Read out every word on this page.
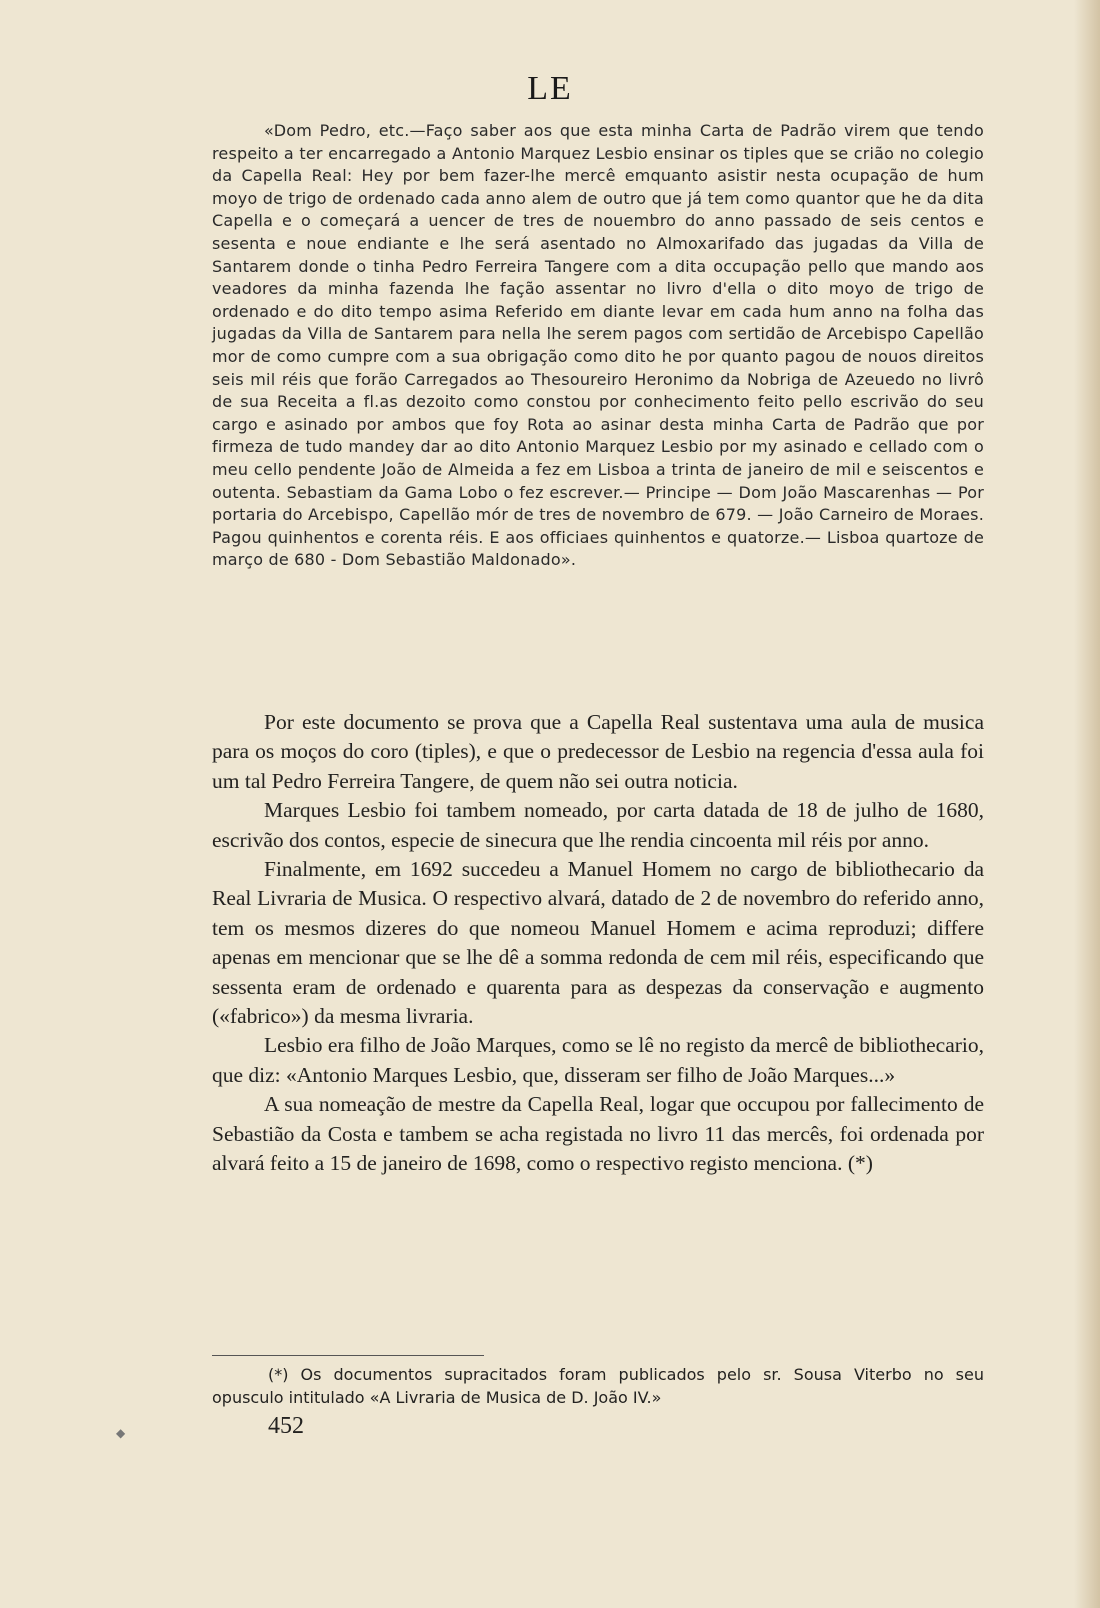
LE

«Dom Pedro, etc.—Faço saber aos que esta minha Carta de Padrão virem que tendo respeito a ter encarregado a Antonio Marquez Lesbio ensinar os tiples que se crião no colegio da Capella Real: Hey por bem fazer-lhe mercê emquanto asistir nesta ocupação de hum moyo de trigo de ordenado cada anno alem de outro que já tem como quantor que he da dita Capella e o começará a uencer de tres de nouembro do anno passado de seis centos e sesenta e noue endiante e lhe será asentado no Almoxarifado das jugadas da Villa de Santarem donde o tinha Pedro Ferreira Tangere com a dita occupação pello que mando aos veadores da minha fazenda lhe fação assentar no livro d'ella o dito moyo de trigo de ordenado e do dito tempo asima Referido em diante levar em cada hum anno na folha das jugadas da Villa de Santarem para nella lhe serem pagos com sertidão de Arcebispo Capellão mor de como cumpre com a sua obrigação como dito he por quanto pagou de nouos direitos seis mil réis que forão Carregados ao Thesoureiro Heronimo da Nobriga de Azeuedo no livrô de sua Receita a fl.as dezoito como constou por conhecimento feito pello escrivão do seu cargo e asinado por ambos que foy Rota ao asinar desta minha Carta de Padrão que por firmeza de tudo mandey dar ao dito Antonio Marquez Lesbio por my asinado e cellado com o meu cello pendente João de Almeida a fez em Lisboa a trinta de janeiro de mil e seiscentos e outenta. Sebastiam da Gama Lobo o fez escrever.— Principe — Dom João Mascarenhas — Por portaria do Arcebispo, Capellão mór de tres de novembro de 679. — João Carneiro de Moraes. Pagou quinhentos e corenta réis. E aos officiaes quinhentos e quatorze.— Lisboa quartoze de março de 680 - Dom Sebastião Maldonado».

Por este documento se prova que a Capella Real sustentava uma aula de musica para os moços do coro (tiples), e que o predecessor de Lesbio na regencia d'essa aula foi um tal Pedro Ferreira Tangere, de quem não sei outra noticia.

Marques Lesbio foi tambem nomeado, por carta datada de 18 de julho de 1680, escrivão dos contos, especie de sinecura que lhe rendia cincoenta mil réis por anno.

Finalmente, em 1692 succedeu a Manuel Homem no cargo de bibliothecario da Real Livraria de Musica. O respectivo alvará, datado de 2 de novembro do referido anno, tem os mesmos dizeres do que nomeou Manuel Homem e acima reproduzi; differe apenas em mencionar que se lhe dê a somma redonda de cem mil réis, especificando que sessenta eram de ordenado e quarenta para as despezas da conservação e augmento («fabrico») da mesma livraria.

Lesbio era filho de João Marques, como se lê no registo da mercê de bibliothecario, que diz: «Antonio Marques Lesbio, que, disseram ser filho de João Marques...»

A sua nomeação de mestre da Capella Real, logar que occupou por fallecimento de Sebastião da Costa e tambem se acha registada no livro 11 das mercês, foi ordenada por alvará feito a 15 de janeiro de 1698, como o respectivo registo menciona. (*)

(*) Os documentos supracitados foram publicados pelo sr. Sousa Viterbo no seu opusculo intitulado «A Livraria de Musica de D. João IV.»

452
◆
